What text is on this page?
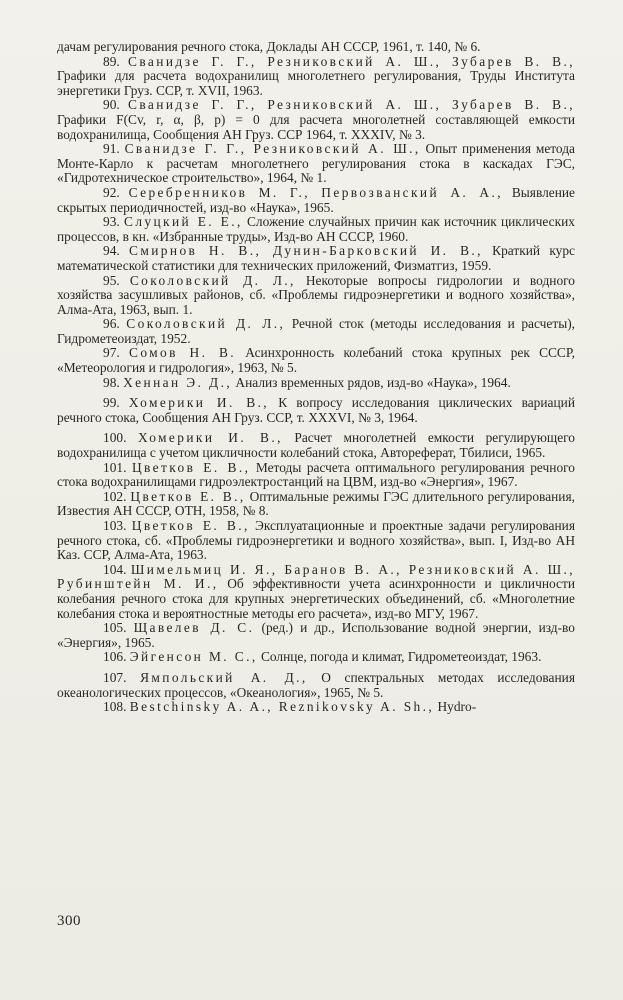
дачам регулирования речного стока, Доклады АН СССР, 1961, т. 140, № 6.

89. Сванидзе Г. Г., Резниковский А. Ш., Зубарев В. В., Графики для расчета водохранилищ многолетнего регулирования, Труды Института энергетики Груз. ССР, т. XVII, 1963.

90. Сванидзе Г. Г., Резниковский А. Ш., Зубарев В. В., Графики F(Cv, r, α, β, p) = 0 для расчета многолетней составляющей емкости водохранилища, Сообщения АН Груз. ССР 1964, т. XXXIV, № 3.

91. Сванидзе Г. Г., Резниковский А. Ш., Опыт применения метода Монте-Карло к расчетам многолетнего регулирования стока в каскадах ГЭС, «Гидротехническое строительство», 1964, № 1.

92. Серебренников М. Г., Первозванский А. А., Выявление скрытых периодичностей, изд-во «Наука», 1965.

93. Слуцкий Е. Е., Сложение случайных причин как источник циклических процессов, в кн. «Избранные труды», Изд-во АН СССР, 1960.

94. Смирнов Н. В., Дунин-Барковский И. В., Краткий курс математической статистики для технических приложений, Физматгиз, 1959.

95. Соколовский Д. Л., Некоторые вопросы гидрологии и водного хозяйства засушливых районов, сб. «Проблемы гидроэнергетики и водного хозяйства», Алма-Ата, 1963, вып. 1.

96. Соколовский Д. Л., Речной сток (методы исследования и расчеты), Гидрометеоиздат, 1952.

97. Сомов Н. В. Асинхронность колебаний стока крупных рек СССР, «Метеорология и гидрология», 1963, № 5.

98. Хеннан Э. Д., Анализ временных рядов, изд-во «Наука», 1964.

99. Хомерики И. В., К вопросу исследования циклических вариаций речного стока, Сообщения АН Груз. ССР, т. XXXVI, № 3, 1964.

100. Хомерики И. В., Расчет многолетней емкости регулирующего водохранилища с учетом цикличности колебаний стока, Автореферат, Тбилиси, 1965.

101. Цветков Е. В., Методы расчета оптимального регулирования речного стока водохранилищами гидроэлектростанций на ЦВМ, изд-во «Энергия», 1967.

102. Цветков Е. В., Оптимальные режимы ГЭС длительного регулирования, Известия АН СССР, ОТН, 1958, № 8.

103. Цветков Е. В., Эксплуатационные и проектные задачи регулирования речного стока, сб. «Проблемы гидроэнергетики и водного хозяйства», вып. I, Изд-во АН Каз. ССР, Алма-Ата, 1963.

104. Шимельмиц И. Я., Баранов В. А., Резниковский А. Ш., Рубинштейн М. И., Об эффективности учета асинхронности и цикличности колебания речного стока для крупных энергетических объединений, сб. «Многолетние колебания стока и вероятностные методы его расчета», изд-во МГУ, 1967.

105. Щавелев Д. С. (ред.) и др., Использование водной энергии, изд-во «Энергия», 1965.

106. Эйгенсон М. С., Солнце, погода и климат, Гидрометеоиздат, 1963.

107. Ямпольский А. Д., О спектральных методах исследования океанологических процессов, «Океанология», 1965, № 5.

108. Bestchinsky A. A., Reznikovsky A. Sh., Hydro-

300
